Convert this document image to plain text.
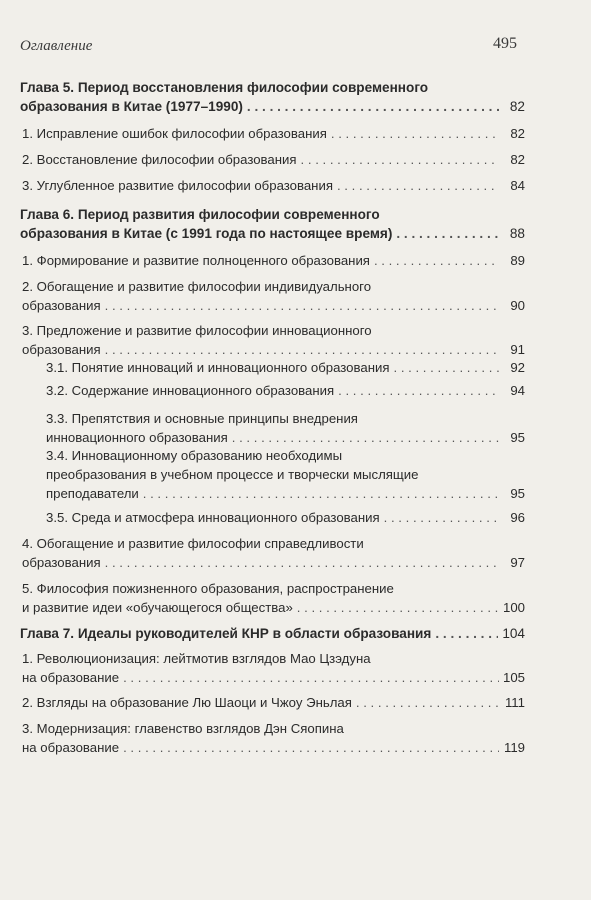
Оглавление	495
Глава 5. Период восстановления философии современного
образования в Китае (1977–1990) . . .	82
1. Исправление ошибок философии образования . . .	82
2. Восстановление философии образования . . .	82
3. Углубленное развитие философии образования . . .	84
Глава 6. Период развития философии современного
образования в Китае (с 1991 года по настоящее время) . . .	88
1. Формирование и развитие полноценного образования . . .	89
2. Обогащение и развитие философии индивидуального
образования . . .	90
3. Предложение и развитие философии инновационного
образования . . .	91
3.1. Понятие инноваций и инновационного образования . . .	92
3.2. Содержание инновационного образования . . .	94
3.3. Препятствия и основные принципы внедрения
инновационного образования . . .	95
3.4. Инновационному образованию необходимы
преобразования в учебном процессе и творчески мыслящие
преподаватели . . .	95
3.5. Среда и атмосфера инновационного образования . . .	96
4. Обогащение и развитие философии справедливости
образования . . .	97
5. Философия пожизненного образования, распространение
и развитие идеи «обучающегося общества» . . .	100
Глава 7. Идеалы руководителей КНР в области образования . . .	104
1. Революционизация: лейтмотив взглядов Мао Цзэдуна
на образование . . .	105
2. Взгляды на образование Лю Шаоци и Чжоу Эньлая . . .	111
3. Модернизация: главенство взглядов Дэн Сяопина
на образование . . .	119
